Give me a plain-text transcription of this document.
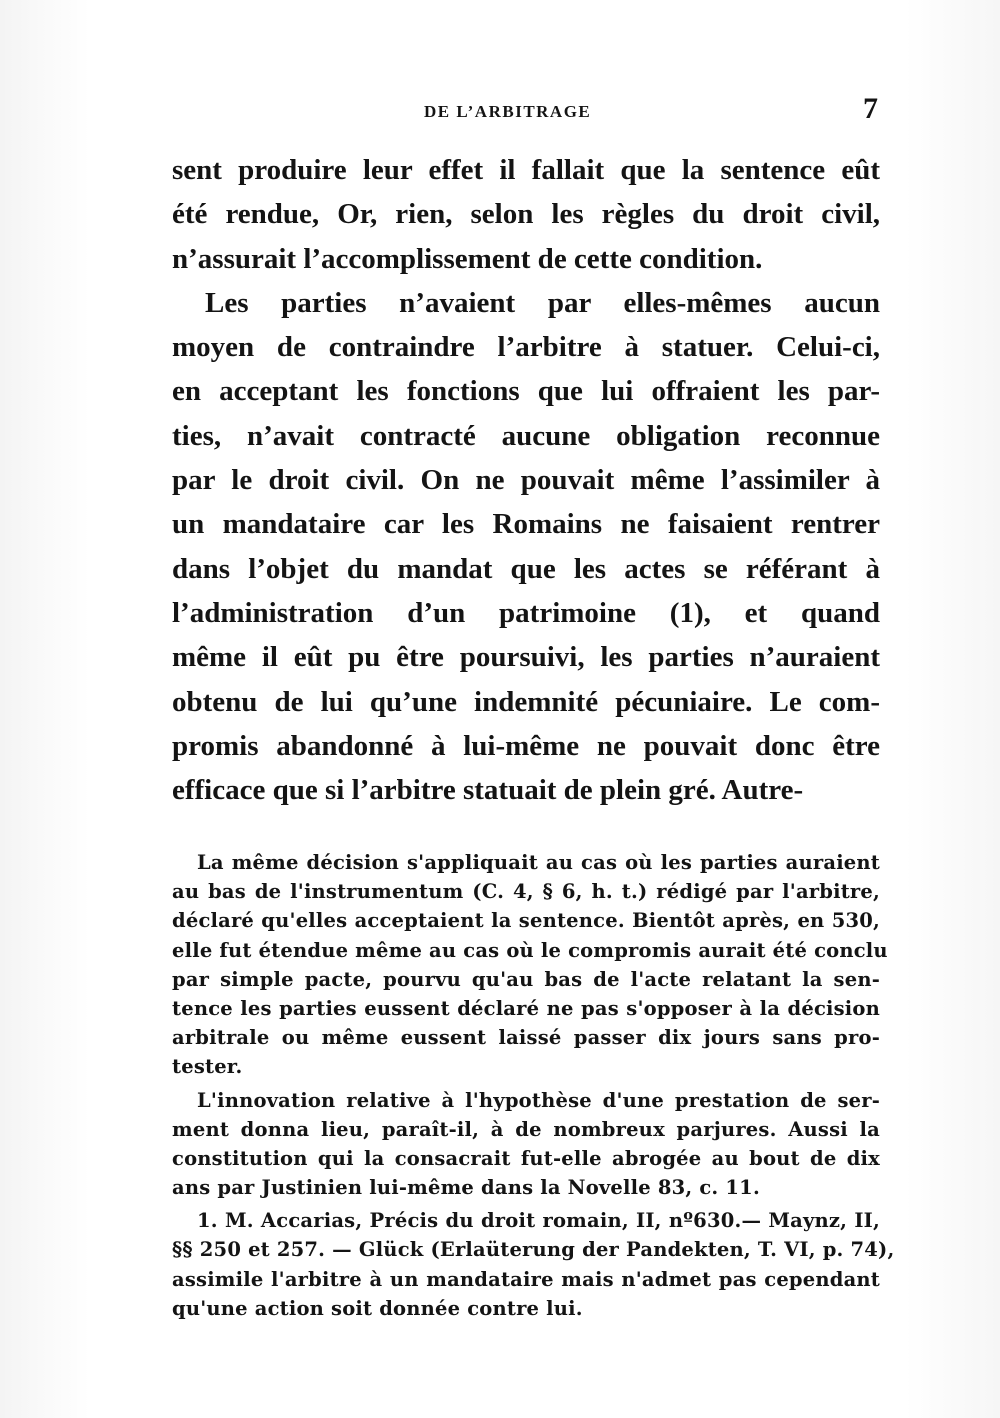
DE L’ARBITRAGE	7
sent produire leur effet il fallait que la sentence eût
été rendue, Or, rien, selon les règles du droit civil,
n’assurait l’accomplissement de cette condition.
Les parties n’avaient par elles-mêmes aucun
moyen de contraindre l’arbitre à statuer. Celui-ci,
en acceptant les fonctions que lui offraient les par-
ties, n’avait contracté aucune obligation reconnue
par le droit civil. On ne pouvait même l’assimiler à
un mandataire car les Romains ne faisaient rentrer
dans l’objet du mandat que les actes se référant à
l’administration d’un patrimoine (1), et quand
même il eût pu être poursuivi, les parties n’auraient
obtenu de lui qu’une indemnité pécuniaire. Le com-
promis abandonné à lui-même ne pouvait donc être
efficace que si l’arbitre statuait de plein gré. Autre-
La même décision s'appliquait au cas où les parties auraient
au bas de l'instrumentum (C. 4, § 6, h. t.) rédigé par l'arbitre,
déclaré qu'elles acceptaient la sentence. Bientôt après, en 530,
elle fut étendue même au cas où le compromis aurait été conclu
par simple pacte, pourvu qu'au bas de l'acte relatant la sen-
tence les parties eussent déclaré ne pas s'opposer à la décision
arbitrale ou même eussent laissé passer dix jours sans pro-
tester.
L'innovation relative à l'hypothèse d'une prestation de ser-
ment donna lieu, paraît-il, à de nombreux parjures. Aussi la
constitution qui la consacrait fut-elle abrogée au bout de dix
ans par Justinien lui-même dans la Novelle 83, c. 11.
1. M. Accarias, Précis du droit romain, II, nº630.— Maynz, II,
§§ 250 et 257. — Glück (Erlaüterung der Pandekten, T. VI, p. 74),
assimile l'arbitre à un mandataire mais n'admet pas cependant
qu'une action soit donnée contre lui.
